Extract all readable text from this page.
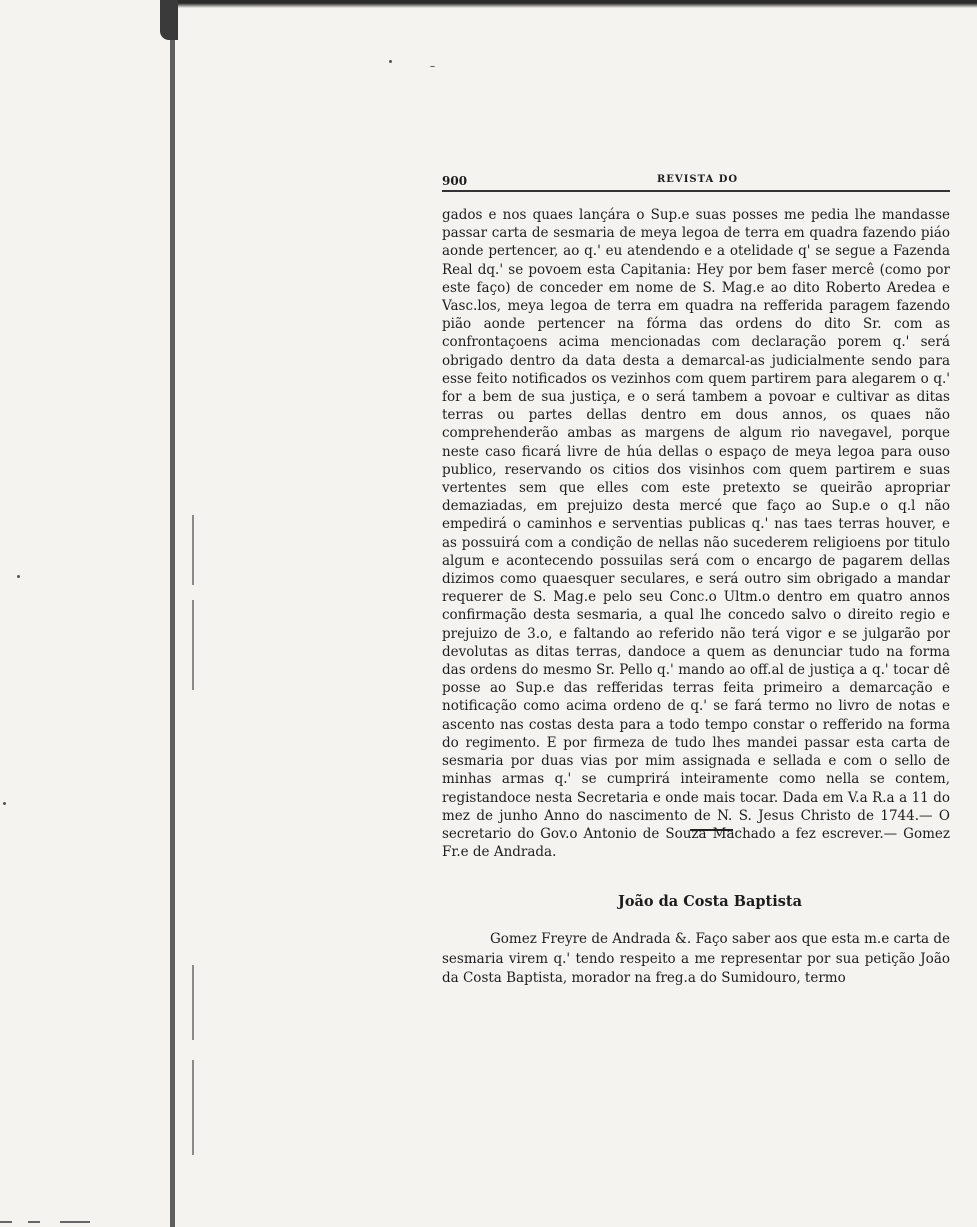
900	REVISTA DO
gados e nos quaes lançára o Sup.e suas posses me pedia lhe mandasse passar carta de sesmaria de meya legoa de terra em quadra fazendo piáo aonde pertencer, ao q.' eu atendendo e a otelidade q' se segue a Fazenda Real dq.' se povoem esta Capitania: Hey por bem faser mercê (como por este faço) de conceder em nome de S. Mag.e ao dito Roberto Aredea e Vasc.los, meya legoa de terra em quadra na refferida paragem fazendo pião aonde pertencer na fórma das ordens do dito Sr. com as confrontaçoens acima mencionadas com declaração porem q.' será obrigado dentro da data desta a demarcal-as judicialmente sendo para esse feito notificados os vezinhos com quem partirem para alegarem o q.' for a bem de sua justiça, e o será tambem a povoar e cultivar as ditas terras ou partes dellas dentro em dous annos, os quaes não comprehenderão ambas as margens de algum rio navegavel, porque neste caso ficará livre de húa dellas o espaço de meya legoa para ouso publico, reservando os citios dos visinhos com quem partirem e suas vertentes sem que elles com este pretexto se queirão apropriar demaziadas, em prejuizo desta mercé que faço ao Sup.e o q.l não empedirá o caminhos e serventias publicas q.' nas taes terras houver, e as possuirá com a condição de nellas não sucederem religioens por titulo algum e acontecendo possuilas será com o encargo de pagarem dellas dizimos como quaesquer seculares, e será outro sim obrigado a mandar requerer de S. Mag.e pelo seu Conc.o Ultm.o dentro em quatro annos confirmação desta sesmaria, a qual lhe concedo salvo o direito regio e prejuizo de 3.o, e faltando ao referido não terá vigor e se julgarão por devolutas as ditas terras, dandoce a quem as denunciar tudo na forma das ordens do mesmo Sr. Pello q.' mando ao off.al de justiça a q.' tocar dê posse ao Sup.e das refferidas terras feita primeiro a demarcação e notificação como acima ordeno de q.' se fará termo no livro de notas e ascento nas costas desta para a todo tempo constar o refferido na forma do regimento. E por firmeza de tudo lhes mandei passar esta carta de sesmaria por duas vias por mim assignada e sellada e com o sello de minhas armas q.' se cumprirá inteiramente como nella se contem, registandoce nesta Secretaria e onde mais tocar. Dada em V.a R.a a 11 do mez de junho Anno do nascimento de N. S. Jesus Christo de 1744.— O secretario do Gov.o Antonio de Souza Machado a fez escrever.— Gomez Fr.e de Andrada.
João da Costa Baptista
Gomez Freyre de Andrada &. Faço saber aos que esta m.e carta de sesmaria virem q.' tendo respeito a me representar por sua petição João da Costa Baptista, morador na freg.a do Sumidouro, termo
